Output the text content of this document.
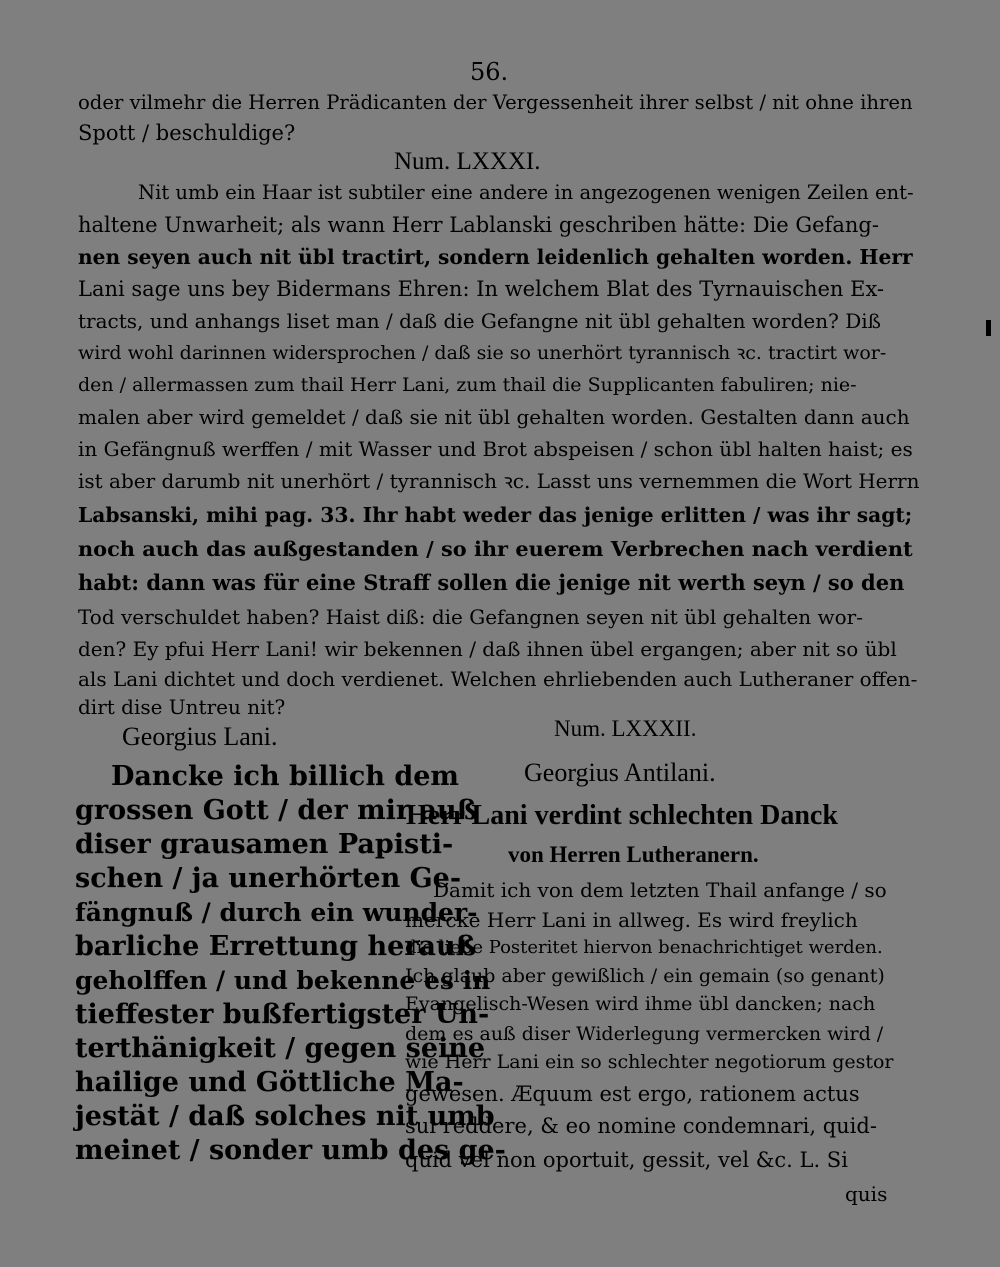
56.
oder vilmehr die Herren Prädicanten der Vergessenheit ihrer selbst / nit ohne ihren
Spott / beschuldige?
Num. LXXXI.
Nit umb ein Haar ist subtiler eine andere in angezogenen wenigen Zeilen ent-
haltene Unwarheit; als wann Herr Lablanski geschriben hätte: Die Gefang-
nen seyen auch nit übl tractirt, sondern leidenlich gehalten worden. Herr
Lani sage uns bey Bidermans Ehren: In welchem Blat des Tyrnauischen Ex-
tracts, und anhangs liset man / daß die Gefangne nit übl gehalten worden? Diß
wird wohl darinnen widersprochen / daß sie so unerhört tyrannisch ꝛc. tractirt wor-
den / allermassen zum thail Herr Lani, zum thail die Supplicanten fabuliren; nie-
malen aber wird gemeldet / daß sie nit übl gehalten worden. Gestalten dann auch
in Gefängnuß werffen / mit Wasser und Brot abspeisen / schon übl halten haist; es
ist aber darumb nit unerhört / tyrannisch ꝛc. Lasst uns vernemmen die Wort Herrn
Labsanski, mihi pag. 33. Ihr habt weder das jenige erlitten / was ihr sagt;
noch auch das außgestanden / so ihr euerem Verbrechen nach verdient
habt: dann was für eine Straff sollen die jenige nit werth seyn / so den
Tod verschuldet haben? Haist diß: die Gefangnen seyen nit übl gehalten wor-
den? Ey pfui Herr Lani! wir bekennen / daß ihnen übel ergangen; aber nit so übl
als Lani dichtet und doch verdienet. Welchen ehrliebenden auch Lutheraner offen-
dirt dise Untreu nit?
Georgius Lani.
Dancke ich billich dem
grossen Gott / der mir auß
diser grausamen Papisti-
schen / ja unerhörten Ge-
fängnuß / durch ein wunder-
barliche Errettung herauß
geholffen / und bekenne es in
tieffester bußfertigster Un-
terthänigkeit / gegen seine
hailige und Göttliche Ma-
jestät / daß solches nit umb
meinet / sonder umb des ge-
Num. LXXXII.
Georgius Antilani.
Herr Lani verdint schlechten Danck
von Herren Lutheranern.
Damit ich von dem letzten Thail anfange / so
mercke Herr Lani in allweg. Es wird freylich
die liebe Posteritet hiervon benachrichtiget werden.
Ich glaub aber gewißlich / ein gemain (so genant)
Evangelisch-Wesen wird ihme übl dancken; nach
dem es auß diser Widerlegung vermercken wird /
wie Herr Lani ein so schlechter negotiorum gestor
gewesen. Æquum est ergo, rationem actus
sui reddere, & eo nomine condemnari, quid-
quid vel non oportuit, gessit, vel &c. L. Si
quis
